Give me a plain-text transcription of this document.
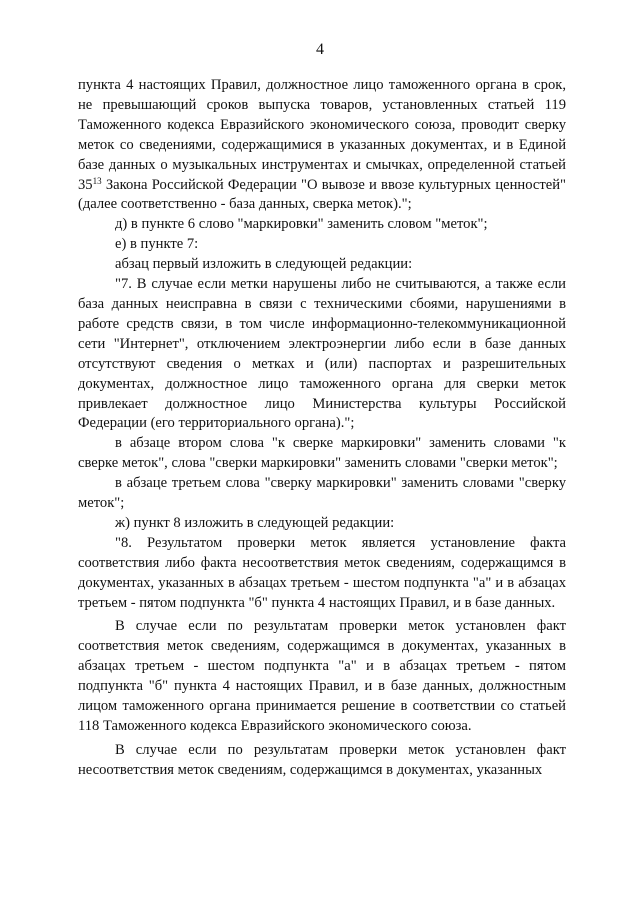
4

пункта 4 настоящих Правил, должностное лицо таможенного органа в срок, не превышающий сроков выпуска товаров, установленных статьей 119 Таможенного кодекса Евразийского экономического союза, проводит сверку меток со сведениями, содержащимися в указанных документах, и в Единой базе данных о музыкальных инструментах и смычках, определенной статьей $35^{13}$ Закона Российской Федерации "О вывозе и ввозе культурных ценностей" (далее соответственно - база данных, сверка меток).";

д) в пункте 6 слово "маркировки" заменить словом "меток";

е) в пункте 7:

абзац первый изложить в следующей редакции:

"7. В случае если метки нарушены либо не считываются, а также если база данных неисправна в связи с техническими сбоями, нарушениями в работе средств связи, в том числе информационно-телекоммуникационной сети "Интернет", отключением электроэнергии либо если в базе данных отсутствуют сведения о метках и (или) паспортах и разрешительных документах, должностное лицо таможенного органа для сверки меток привлекает должностное лицо Министерства культуры Российской Федерации (его территориального органа).";

в абзаце втором слова "к сверке маркировки" заменить словами "к сверке меток", слова "сверки маркировки" заменить словами "сверки меток";

в абзаце третьем слова "сверку маркировки" заменить словами "сверку меток";

ж) пункт 8 изложить в следующей редакции:

"8. Результатом проверки меток является установление факта соответствия либо факта несоответствия меток сведениям, содержащимся в документах, указанных в абзацах третьем - шестом подпункта "а" и в абзацах третьем - пятом подпункта "б" пункта 4 настоящих Правил, и в базе данных.

В случае если по результатам проверки меток установлен факт соответствия меток сведениям, содержащимся в документах, указанных в абзацах третьем - шестом подпункта "а" и в абзацах третьем - пятом подпункта "б" пункта 4 настоящих Правил, и в базе данных, должностным лицом таможенного органа принимается решение в соответствии со статьей 118 Таможенного кодекса Евразийского экономического союза.

В случае если по результатам проверки меток установлен факт несоответствия меток сведениям, содержащимся в документах, указанных
